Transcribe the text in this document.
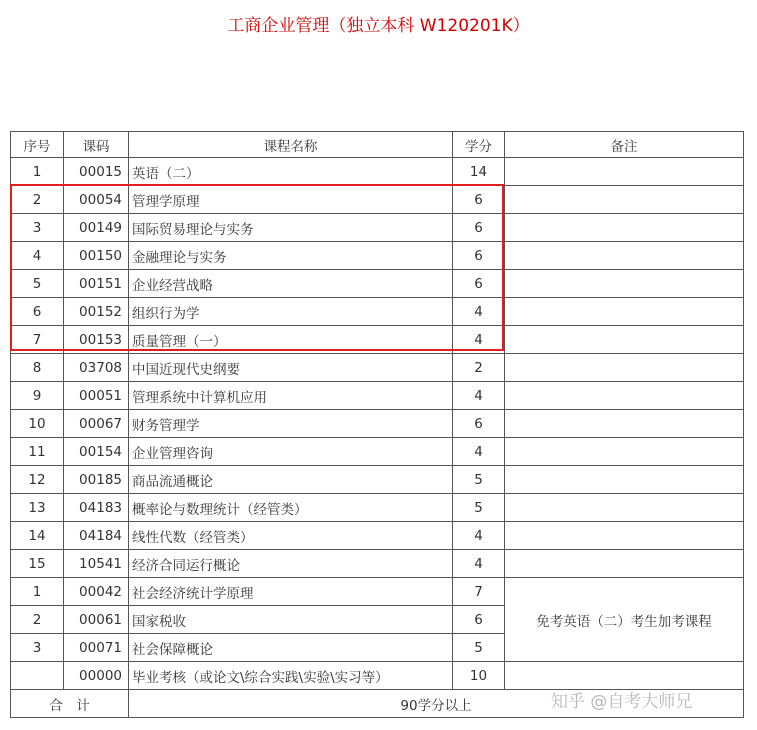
工商企业管理（独立本科 W120201K）
序号	课码	课程名称	学分	备注
1	00015	英语（二）	14	
2	00054	管理学原理	6	
3	00149	国际贸易理论与实务	6	
4	00150	金融理论与实务	6	
5	00151	企业经营战略	6	
6	00152	组织行为学	4	
7	00153	质量管理（一）	4	
8	03708	中国近现代史纲要	2	
9	00051	管理系统中计算机应用	4	
10	00067	财务管理学	6	
11	00154	企业管理咨询	4	
12	00185	商品流通概论	5	
13	04183	概率论与数理统计（经管类）	5	
14	04184	线性代数（经管类）	4	
15	10541	经济合同运行概论	4	
1	00042	社会经济统计学原理	7	免考英语（二）考生加考课程
2	00061	国家税收	6	
3	00071	社会保障概论	5	
	00000	毕业考核（或论文\综合实践\实验\实习等）	10	
合　计		90学分以上			知乎 @自考大师兄
